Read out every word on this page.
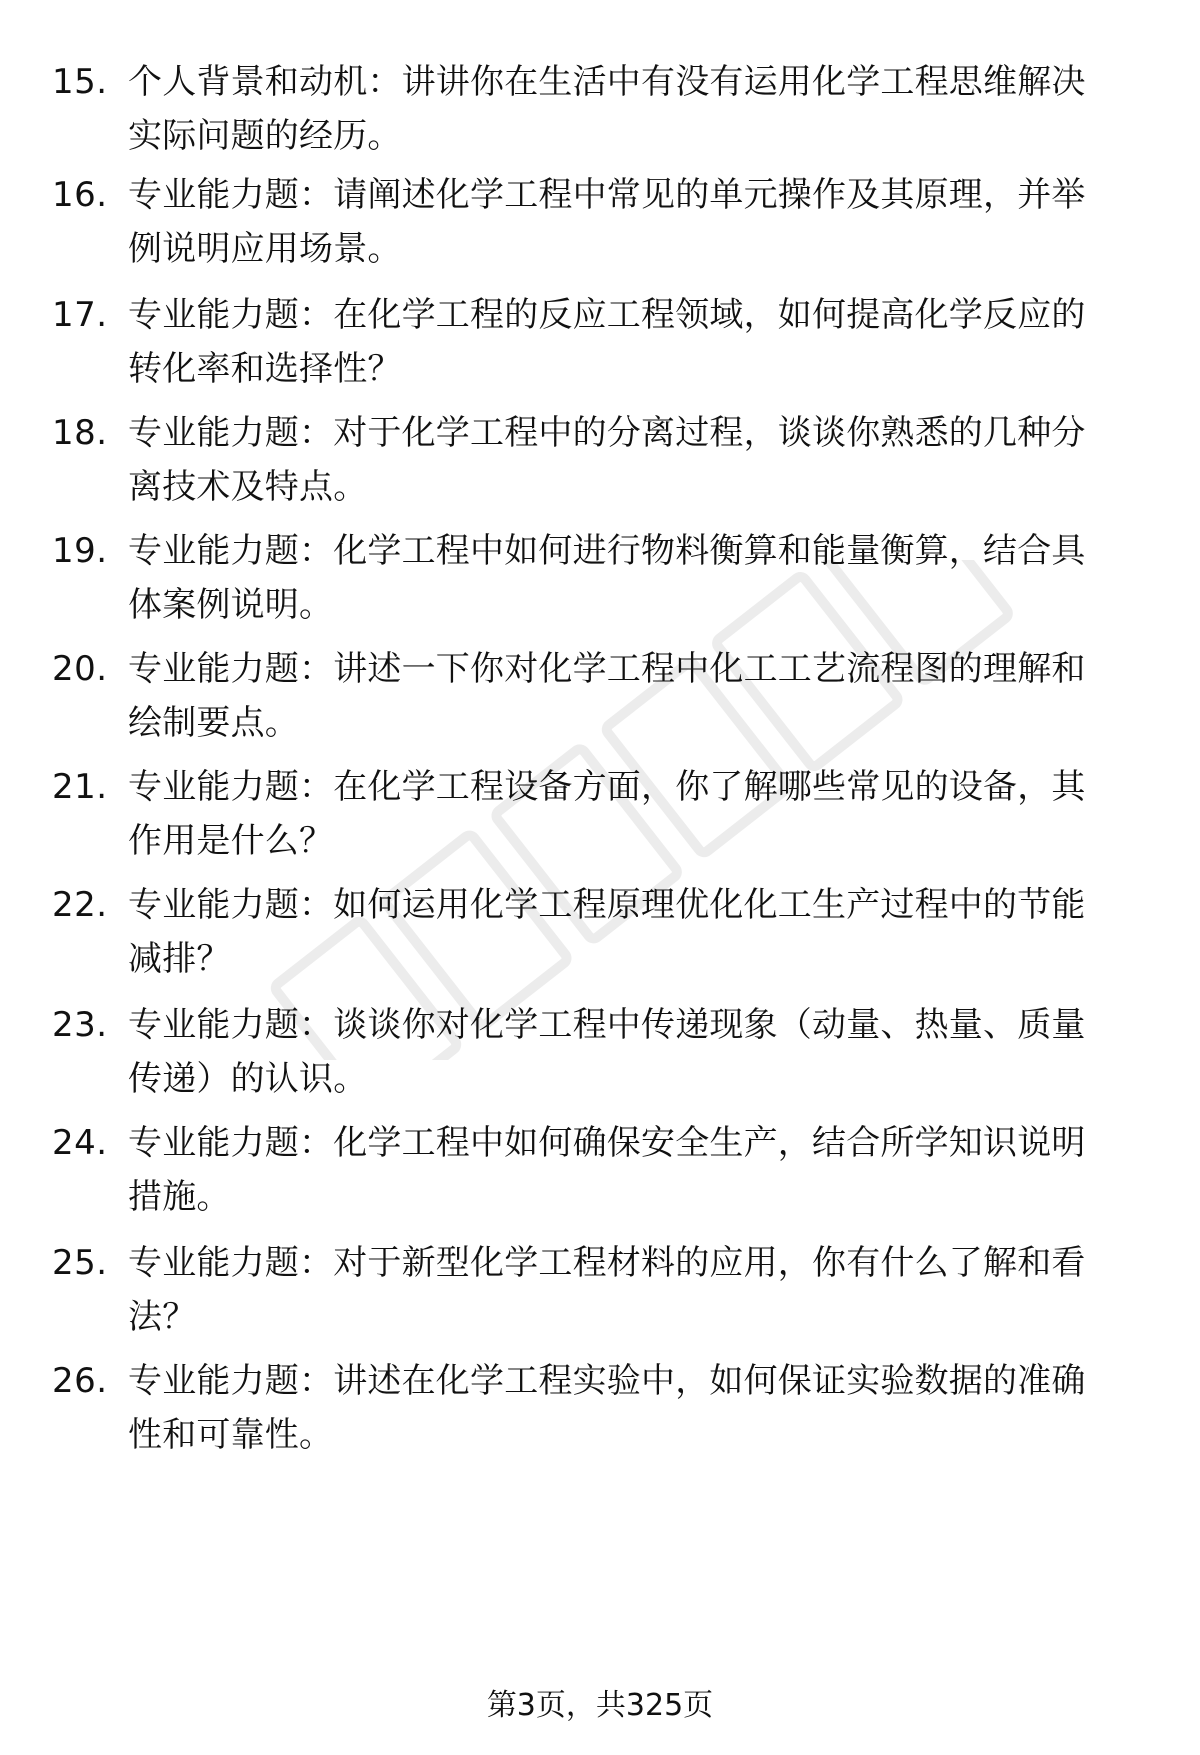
15. 个人背景和动机：讲讲你在生活中有没有运用化学工程思维解决
实际问题的经历。
16. 专业能力题：请阐述化学工程中常见的单元操作及其原理，并举
例说明应用场景。
17. 专业能力题：在化学工程的反应工程领域，如何提高化学反应的
转化率和选择性？
18. 专业能力题：对于化学工程中的分离过程，谈谈你熟悉的几种分
离技术及特点。
19. 专业能力题：化学工程中如何进行物料衡算和能量衡算，结合具
体案例说明。
20. 专业能力题：讲述一下你对化学工程中化工工艺流程图的理解和
绘制要点。
21. 专业能力题：在化学工程设备方面，你了解哪些常见的设备，其
作用是什么？
22. 专业能力题：如何运用化学工程原理优化化工生产过程中的节能
减排？
23. 专业能力题：谈谈你对化学工程中传递现象（动量、热量、质量
传递）的认识。
24. 专业能力题：化学工程中如何确保安全生产，结合所学知识说明
措施。
25. 专业能力题：对于新型化学工程材料的应用，你有什么了解和看
法？
26. 专业能力题：讲述在化学工程实验中，如何保证实验数据的准确
性和可靠性。
第3页，共325页
